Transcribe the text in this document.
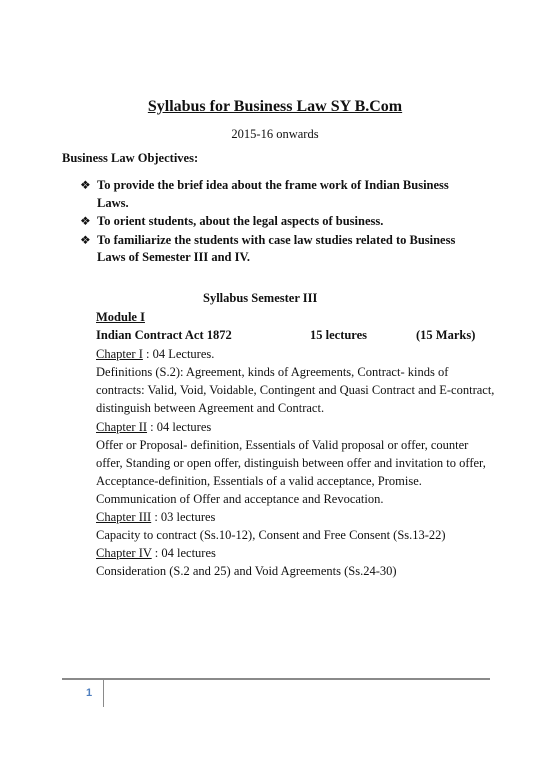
Syllabus for Business Law SY B.Com
2015-16 onwards
Business Law Objectives:
❖ To provide the brief idea about the frame work of Indian Business Laws.
❖ To orient students, about the legal aspects of business.
❖ To familiarize the students with case law studies related to Business Laws of Semester III and IV.
Syllabus Semester III
Module I
Indian Contract Act 1872	15 lectures	(15 Marks)
Chapter I : 04 Lectures.
Definitions (S.2): Agreement, kinds of Agreements, Contract- kinds of contracts: Valid, Void, Voidable, Contingent and Quasi Contract and E-contract, distinguish between Agreement and Contract.
Chapter II : 04 lectures
Offer or Proposal- definition, Essentials of Valid proposal or offer, counter offer, Standing or open offer, distinguish between offer and invitation to offer, Acceptance-definition, Essentials of a valid acceptance, Promise. Communication of Offer and acceptance and Revocation.
Chapter III : 03 lectures
Capacity to contract (Ss.10-12), Consent and Free Consent (Ss.13-22)
Chapter IV : 04 lectures
Consideration (S.2 and 25) and Void Agreements (Ss.24-30)
1
